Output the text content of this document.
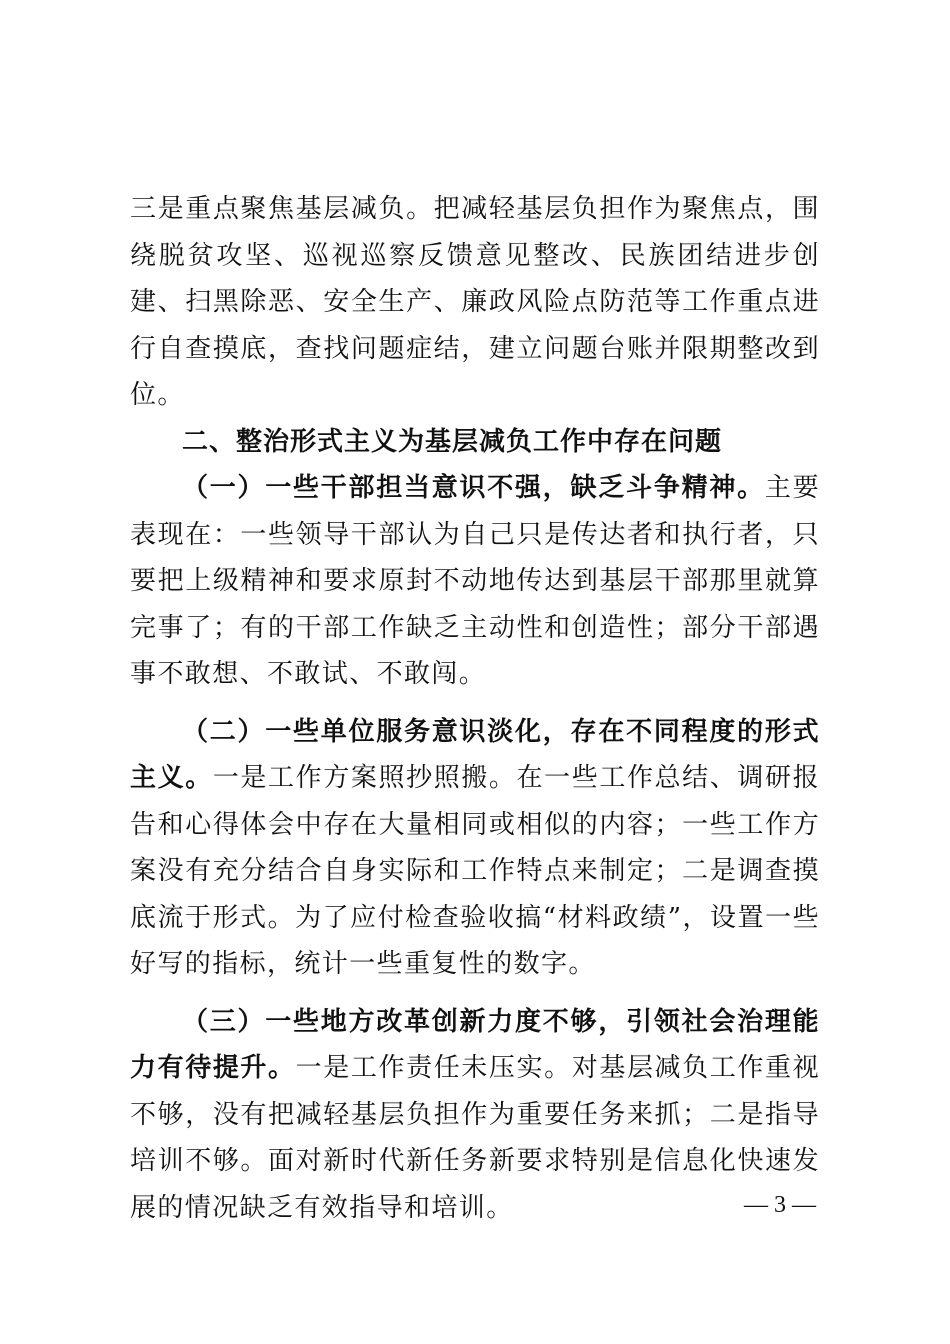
三是重点聚焦基层减负。把减轻基层负担作为聚焦点，围绕脱贫攻坚、巡视巡察反馈意见整改、民族团结进步创建、扫黑除恶、安全生产、廉政风险点防范等工作重点进行自查摸底，查找问题症结，建立问题台账并限期整改到位。

二、整治形式主义为基层减负工作中存在问题

（一）一些干部担当意识不强，缺乏斗争精神。主要表现在：一些领导干部认为自己只是传达者和执行者，只要把上级精神和要求原封不动地传达到基层干部那里就算完事了；有的干部工作缺乏主动性和创造性；部分干部遇事不敢想、不敢试、不敢闯。

（二）一些单位服务意识淡化，存在不同程度的形式主义。一是工作方案照抄照搬。在一些工作总结、调研报告和心得体会中存在大量相同或相似的内容；一些工作方案没有充分结合自身实际和工作特点来制定；二是调查摸底流于形式。为了应付检查验收搞“材料政绩”，设置一些好写的指标，统计一些重复性的数字。

（三）一些地方改革创新力度不够，引领社会治理能力有待提升。一是工作责任未压实。对基层减负工作重视不够，没有把减轻基层负担作为重要任务来抓；二是指导培训不够。面对新时代新任务新要求特别是信息化快速发展的情况缺乏有效指导和培训。	— 3 —
